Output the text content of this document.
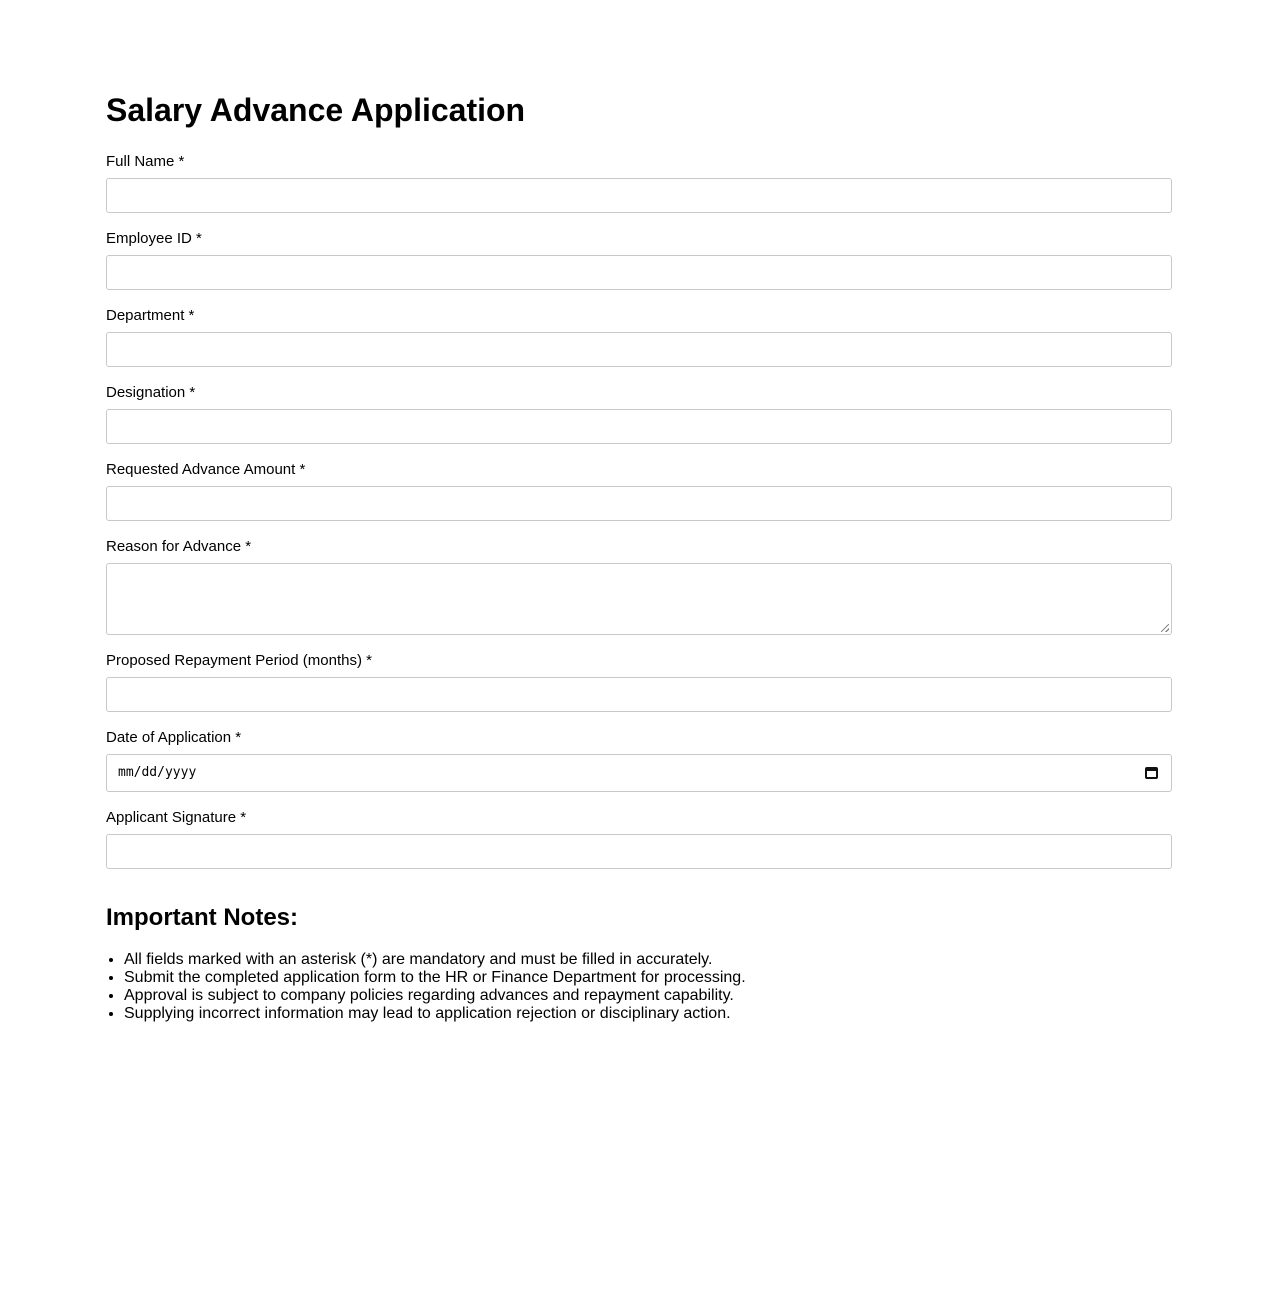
Salary Advance Application
Full Name *
Employee ID *
Department *
Designation *
Requested Advance Amount *
Reason for Advance *
Proposed Repayment Period (months) *
Date of Application *
mm/dd/yyyy
Applicant Signature *
Important Notes:
• All fields marked with an asterisk (*) are mandatory and must be filled in accurately.
• Submit the completed application form to the HR or Finance Department for processing.
• Approval is subject to company policies regarding advances and repayment capability.
• Supplying incorrect information may lead to application rejection or disciplinary action.
